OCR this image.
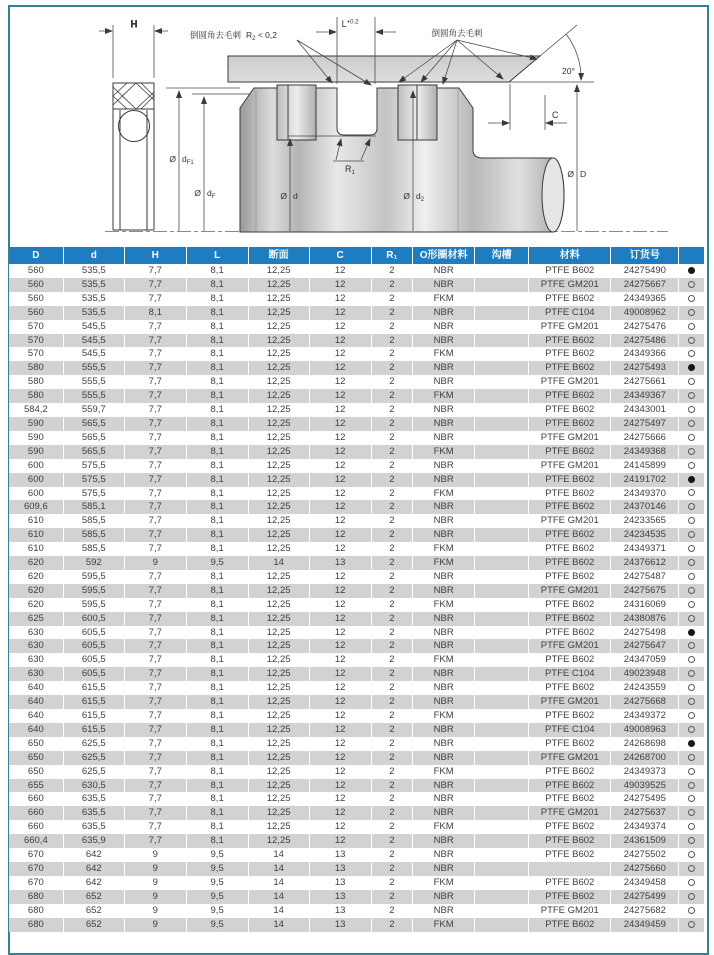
H	$L^{+0.2}$
倒圆角去毛刺 $R_2 < 0,2$	倒圆角去毛刺
20°
C
$R_1$
Ø $d_{F1}$
Ø $d_F$	Ø d	Ø $d_2$
Ø D
D	d	H	L	断面	C	R₁	O形圈材料	沟槽	材料	订货号	
560	535,5	7,7	8,1	12,25	12	2	NBR		PTFE B602	24275490	
560	535,5	7,7	8,1	12,25	12	2	NBR		PTFE GM201	24275667	
560	535,5	7,7	8,1	12,25	12	2	FKM		PTFE B602	24349365	
560	535,5	8,1	8,1	12,25	12	2	NBR		PTFE C104	49008962	
570	545,5	7,7	8,1	12,25	12	2	NBR		PTFE GM201	24275476	
570	545,5	7,7	8,1	12,25	12	2	NBR		PTFE B602	24275486	
570	545,5	7,7	8,1	12,25	12	2	FKM		PTFE B602	24349366	
580	555,5	7,7	8,1	12,25	12	2	NBR		PTFE B602	24275493	
580	555,5	7,7	8,1	12,25	12	2	NBR		PTFE GM201	24275661	
580	555,5	7,7	8,1	12,25	12	2	FKM		PTFE B602	24349367	
584,2	559,7	7,7	8,1	12,25	12	2	NBR		PTFE B602	24343001	
590	565,5	7,7	8,1	12,25	12	2	NBR		PTFE B602	24275497	
590	565,5	7,7	8,1	12,25	12	2	NBR		PTFE GM201	24275666	
590	565,5	7,7	8,1	12,25	12	2	FKM		PTFE B602	24349368	
600	575,5	7,7	8,1	12,25	12	2	NBR		PTFE GM201	24145899	
600	575,5	7,7	8,1	12,25	12	2	NBR		PTFE B602	24191702	
600	575,5	7,7	8,1	12,25	12	2	FKM		PTFE B602	24349370	
609,6	585,1	7,7	8,1	12,25	12	2	NBR		PTFE B602	24370146	
610	585,5	7,7	8,1	12,25	12	2	NBR		PTFE GM201	24233565	
610	585,5	7,7	8,1	12,25	12	2	NBR		PTFE B602	24234535	
610	585,5	7,7	8,1	12,25	12	2	FKM		PTFE B602	24349371	
620	592	9	9,5	14	13	2	FKM		PTFE B602	24376612	
620	595,5	7,7	8,1	12,25	12	2	NBR		PTFE B602	24275487	
620	595,5	7,7	8,1	12,25	12	2	NBR		PTFE GM201	24275675	
620	595,5	7,7	8,1	12,25	12	2	FKM		PTFE B602	24316069	
625	600,5	7,7	8,1	12,25	12	2	NBR		PTFE B602	24380876	
630	605,5	7,7	8,1	12,25	12	2	NBR		PTFE B602	24275498	
630	605,5	7,7	8,1	12,25	12	2	NBR		PTFE GM201	24275647	
630	605,5	7,7	8,1	12,25	12	2	FKM		PTFE B602	24347059	
630	605,5	7,7	8,1	12,25	12	2	NBR		PTFE C104	49023948	
640	615,5	7,7	8,1	12,25	12	2	NBR		PTFE B602	24243559	
640	615,5	7,7	8,1	12,25	12	2	NBR		PTFE GM201	24275668	
640	615,5	7,7	8,1	12,25	12	2	FKM		PTFE B602	24349372	
640	615,5	7,7	8,1	12,25	12	2	NBR		PTFE C104	49008963	
650	625,5	7,7	8,1	12,25	12	2	NBR		PTFE B602	24268698	
650	625,5	7,7	8,1	12,25	12	2	NBR		PTFE GM201	24268700	
650	625,5	7,7	8,1	12,25	12	2	FKM		PTFE B602	24349373	
655	630,5	7,7	8,1	12,25	12	2	NBR		PTFE B602	49039525	
660	635,5	7,7	8,1	12,25	12	2	NBR		PTFE B602	24275495	
660	635,5	7,7	8,1	12,25	12	2	NBR		PTFE GM201	24275637	
660	635,5	7,7	8,1	12,25	12	2	FKM		PTFE B602	24349374	
660,4	635,9	7,7	8,1	12,25	12	2	NBR		PTFE B602	24361509	
670	642	9	9,5	14	13	2	NBR		PTFE B602	24275502	
670	642	9	9,5	14	13	2	NBR			24275660	
670	642	9	9,5	14	13	2	FKM		PTFE B602	24349458	
680	652	9	9,5	14	13	2	NBR		PTFE B602	24275499	
680	652	9	9,5	14	13	2	NBR		PTFE GM201	24275682	
680	652	9	9,5	14	13	2	FKM		PTFE B602	24349459	
